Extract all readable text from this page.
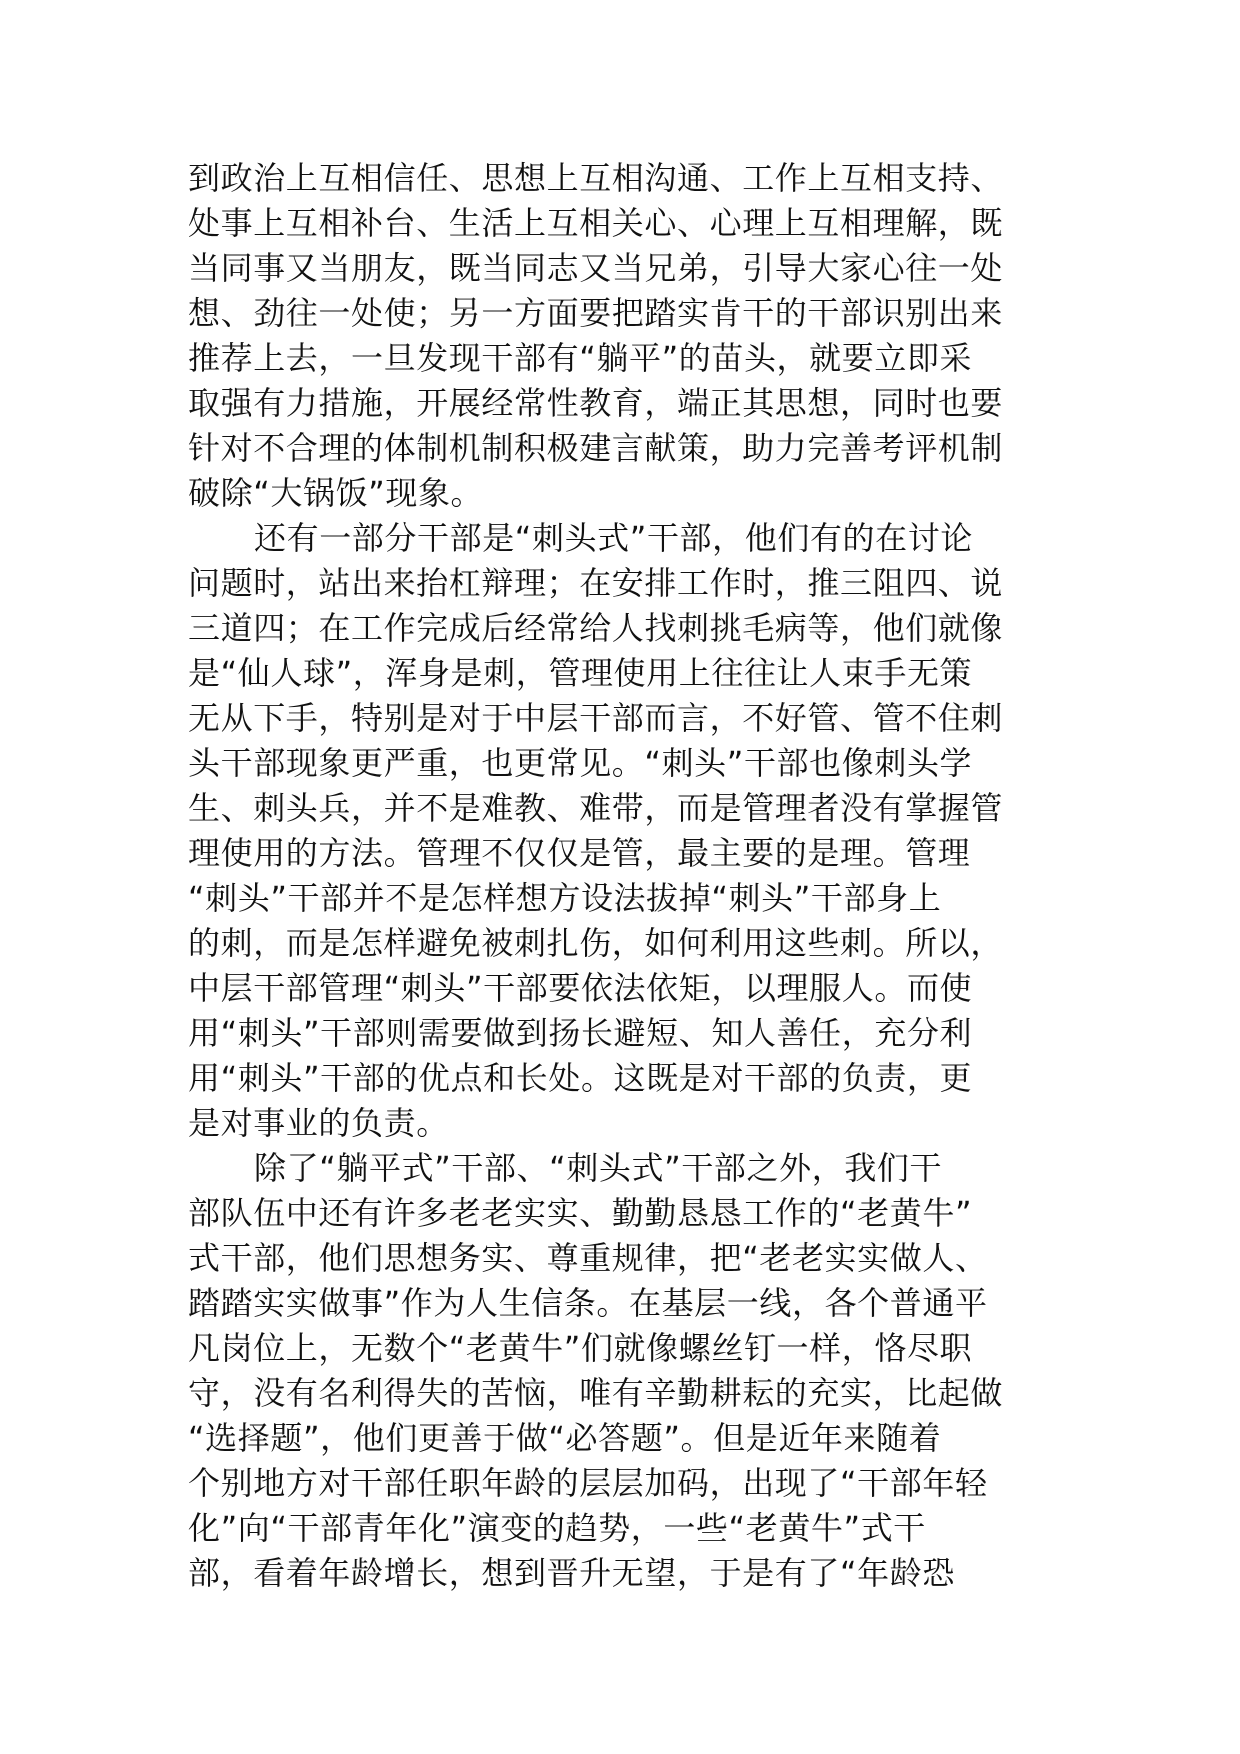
到政治上互相信任、思想上互相沟通、工作上互相支持、
处事上互相补台、生活上互相关心、心理上互相理解，既
当同事又当朋友，既当同志又当兄弟，引导大家心往一处
想、劲往一处使；另一方面要把踏实肯干的干部识别出来
推荐上去，一旦发现干部有“躺平”的苗头，就要立即采
取强有力措施，开展经常性教育，端正其思想，同时也要
针对不合理的体制机制积极建言献策，助力完善考评机制
破除“大锅饭”现象。
还有一部分干部是“刺头式”干部，他们有的在讨论
问题时，站出来抬杠辩理；在安排工作时，推三阻四、说
三道四；在工作完成后经常给人找刺挑毛病等，他们就像
是“仙人球”，浑身是刺，管理使用上往往让人束手无策
无从下手，特别是对于中层干部而言，不好管、管不住刺
头干部现象更严重，也更常见。“刺头”干部也像刺头学
生、刺头兵，并不是难教、难带，而是管理者没有掌握管
理使用的方法。管理不仅仅是管，最主要的是理。管理
“刺头”干部并不是怎样想方设法拔掉“刺头”干部身上
的刺，而是怎样避免被刺扎伤，如何利用这些刺。所以，
中层干部管理“刺头”干部要依法依矩，以理服人。而使
用“刺头”干部则需要做到扬长避短、知人善任，充分利
用“刺头”干部的优点和长处。这既是对干部的负责，更
是对事业的负责。
除了“躺平式”干部、“刺头式”干部之外，我们干
部队伍中还有许多老老实实、勤勤恳恳工作的“老黄牛”
式干部，他们思想务实、尊重规律，把“老老实实做人、
踏踏实实做事”作为人生信条。在基层一线，各个普通平
凡岗位上，无数个“老黄牛”们就像螺丝钉一样，恪尽职
守，没有名利得失的苦恼，唯有辛勤耕耘的充实，比起做
“选择题”，他们更善于做“必答题”。但是近年来随着
个别地方对干部任职年龄的层层加码，出现了“干部年轻
化”向“干部青年化”演变的趋势，一些“老黄牛”式干
部，看着年龄增长，想到晋升无望，于是有了“年龄恐
